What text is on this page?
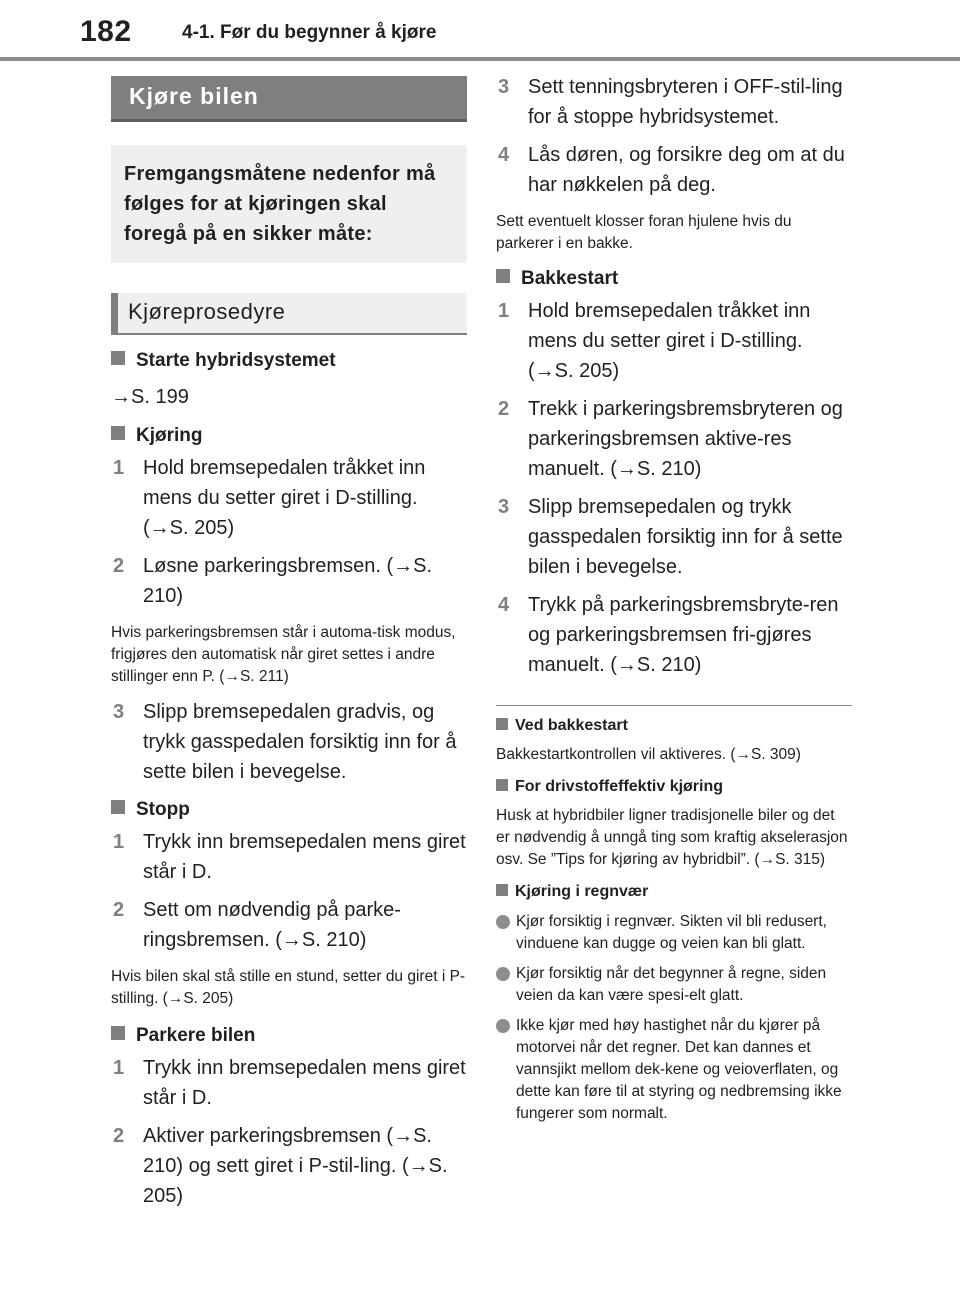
182	4-1. Før du begynner å kjøre
Kjøre bilen
Fremgangsmåtene nedenfor må følges for at kjøringen skal foregå på en sikker måte:
Kjøreprosedyre
Starte hybridsystemet
→S. 199
Kjøring
1 Hold bremsepedalen tråkket inn mens du setter giret i D-stilling. (→S. 205)
2 Løsne parkeringsbremsen. (→S. 210)
Hvis parkeringsbremsen står i automa-tisk modus, frigjøres den automatisk når giret settes i andre stillinger enn P. (→S. 211)
3 Slipp bremsepedalen gradvis, og trykk gasspedalen forsiktig inn for å sette bilen i bevegelse.
Stopp
1 Trykk inn bremsepedalen mens giret står i D.
2 Sett om nødvendig på parke-ringsbremsen. (→S. 210)
Hvis bilen skal stå stille en stund, setter du giret i P-stilling. (→S. 205)
Parkere bilen
1 Trykk inn bremsepedalen mens giret står i D.
2 Aktiver parkeringsbremsen (→S. 210) og sett giret i P-stil-ling. (→S. 205)
3 Sett tenningsbryteren i OFF-stil-ling for å stoppe hybridsystemet.
4 Lås døren, og forsikre deg om at du har nøkkelen på deg.
Sett eventuelt klosser foran hjulene hvis du parkerer i en bakke.
Bakkestart
1 Hold bremsepedalen tråkket inn mens du setter giret i D-stilling. (→S. 205)
2 Trekk i parkeringsbremsbryteren og parkeringsbremsen aktive-res manuelt. (→S. 210)
3 Slipp bremsepedalen og trykk gasspedalen forsiktig inn for å sette bilen i bevegelse.
4 Trykk på parkeringsbremsbryte-ren og parkeringsbremsen fri-gjøres manuelt. (→S. 210)
Ved bakkestart
Bakkestartkontrollen vil aktiveres. (→S. 309)
For drivstoffeffektiv kjøring
Husk at hybridbiler ligner tradisjonelle biler og det er nødvendig å unngå ting som kraftig akselerasjon osv. Se ”Tips for kjøring av hybridbil”. (→S. 315)
Kjøring i regnvær
Kjør forsiktig i regnvær. Sikten vil bli redusert, vinduene kan dugge og veien kan bli glatt.
Kjør forsiktig når det begynner å regne, siden veien da kan være spesi-elt glatt.
Ikke kjør med høy hastighet når du kjører på motorvei når det regner. Det kan dannes et vannsjikt mellom dek-kene og veioverflaten, og dette kan føre til at styring og nedbremsing ikke fungerer som normalt.
